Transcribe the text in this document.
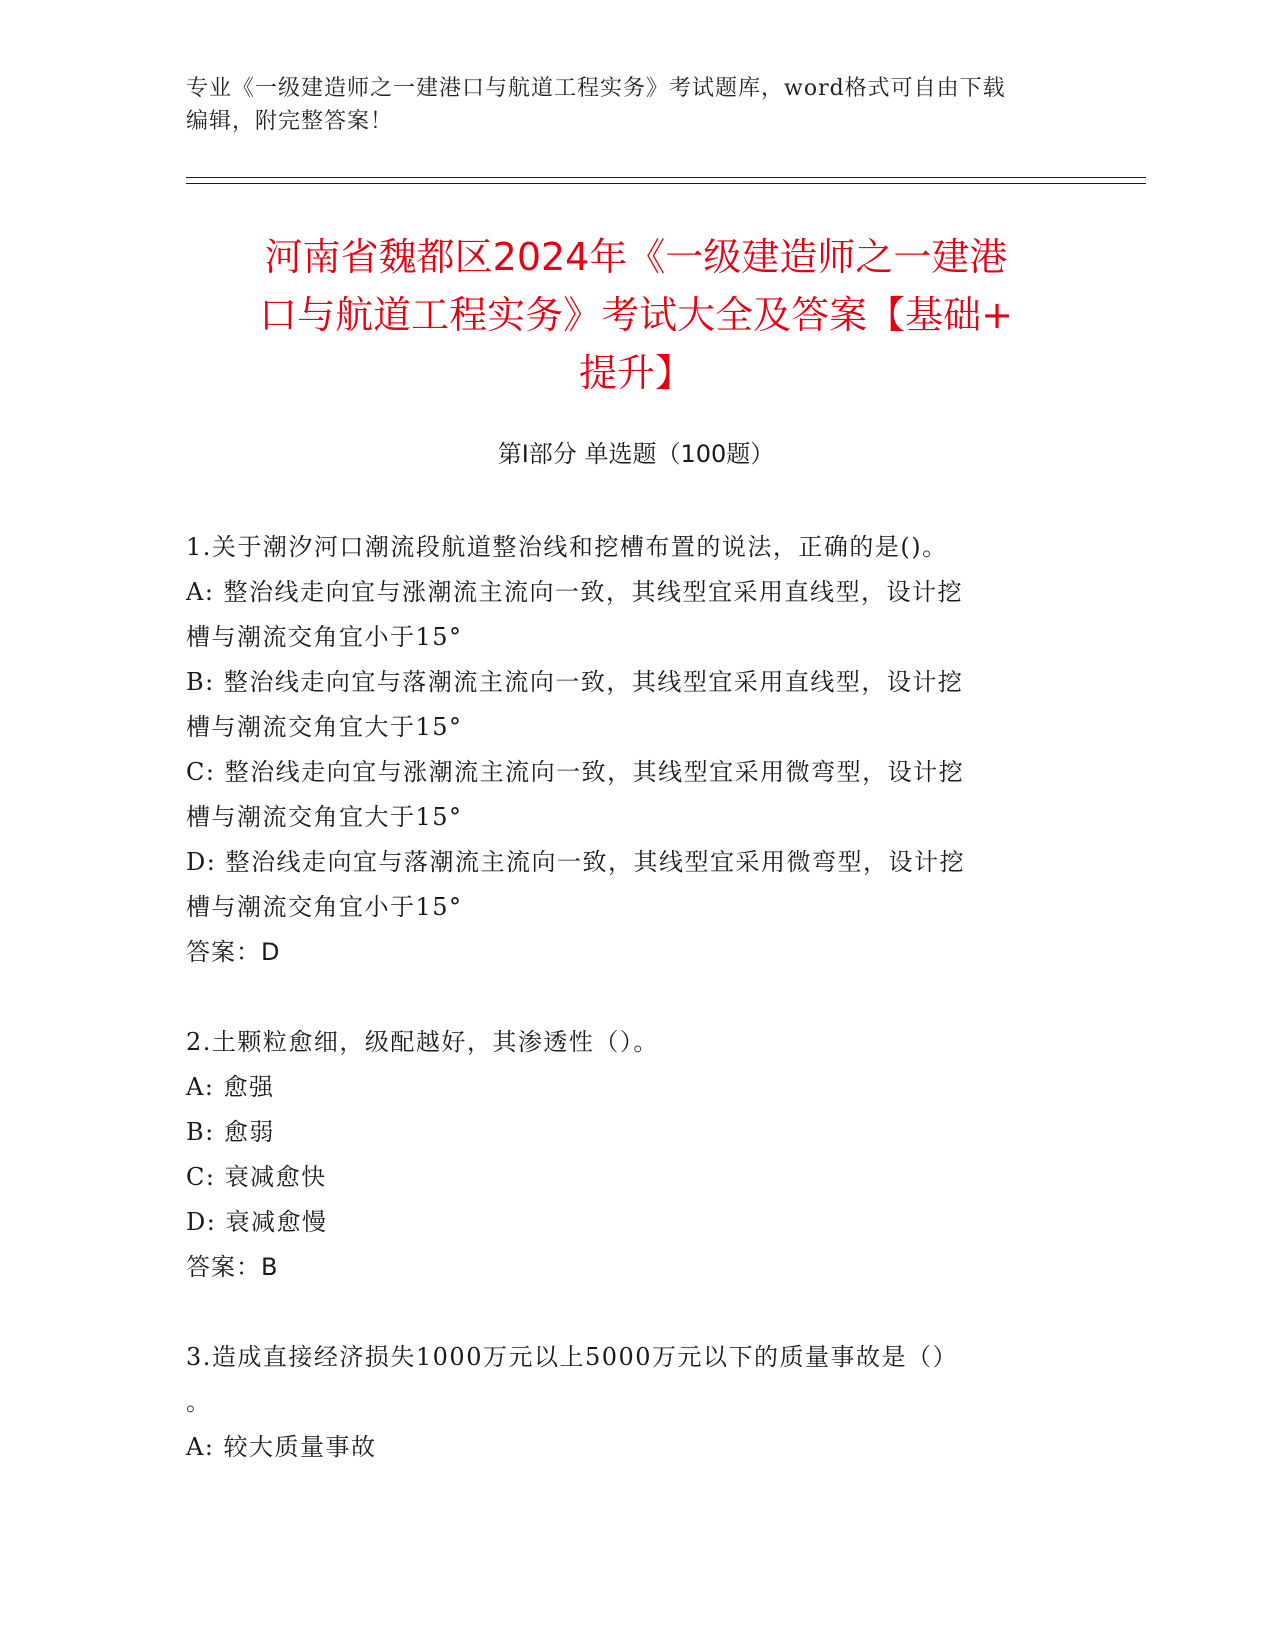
专业《一级建造师之一建港口与航道工程实务》考试题库，word格式可自由下载
编辑，附完整答案！
河南省魏都区2024年《一级建造师之一建港
口与航道工程实务》考试大全及答案【基础+
提升】
第I部分 单选题（100题）
1.关于潮汐河口潮流段航道整治线和挖槽布置的说法，正确的是()。
A: 整治线走向宜与涨潮流主流向一致，其线型宜采用直线型，设计挖
槽与潮流交角宜小于15°
B: 整治线走向宜与落潮流主流向一致，其线型宜采用直线型，设计挖
槽与潮流交角宜大于15°
C: 整治线走向宜与涨潮流主流向一致，其线型宜采用微弯型，设计挖
槽与潮流交角宜大于15°
D: 整治线走向宜与落潮流主流向一致，其线型宜采用微弯型，设计挖
槽与潮流交角宜小于15°
答案：D
2.土颗粒愈细，级配越好，其渗透性（）。
A: 愈强
B: 愈弱
C: 衰减愈快
D: 衰减愈慢
答案：B
3.造成直接经济损失1000万元以上5000万元以下的质量事故是（）
。
A: 较大质量事故
